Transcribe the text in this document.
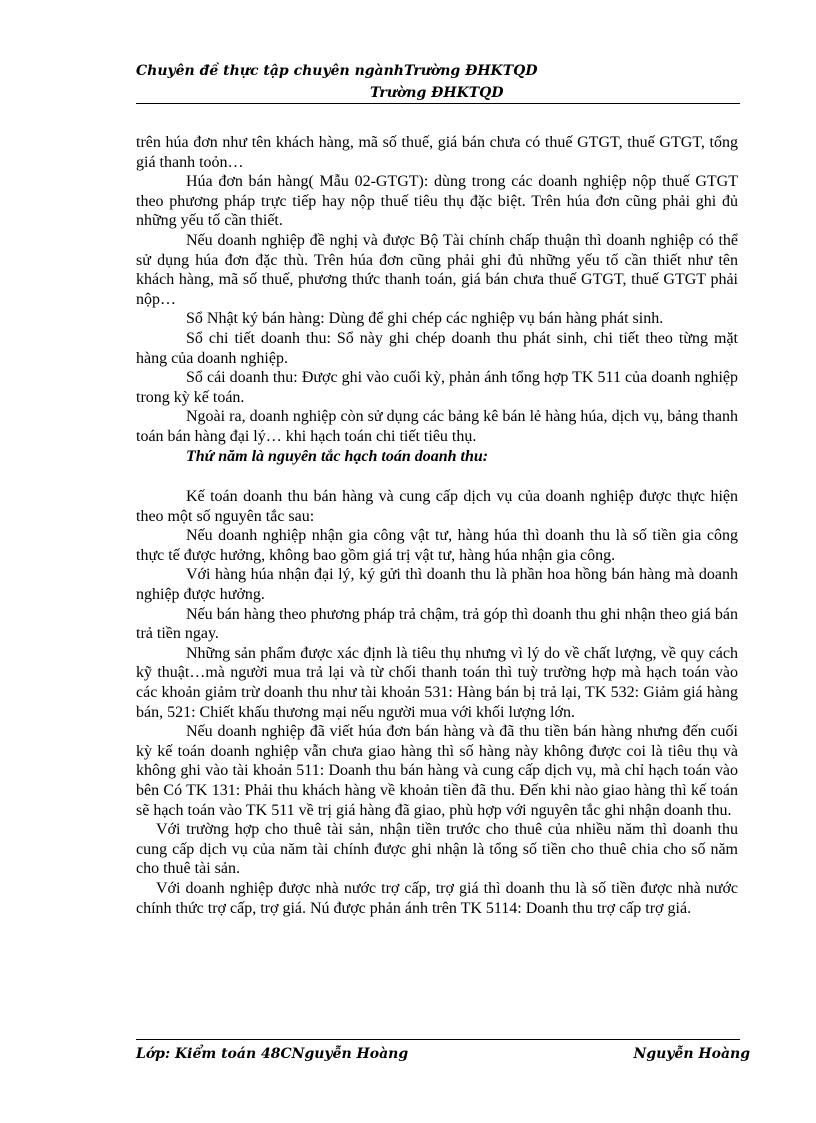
Chuyên đề thực tập chuyên ngànhTrường ĐHKTQD
Trường ĐHKTQD

trên húa đơn như tên khách hàng, mã số thuế, giá bán chưa có thuế GTGT, thuế GTGT, tổng giá thanh toỏn…

Húa đơn bán hàng( Mẫu 02-GTGT): dùng trong các doanh nghiệp nộp thuế GTGT theo phương pháp trực tiếp hay nộp thuế tiêu thụ đặc biệt. Trên húa đơn cũng phải ghi đủ những yếu tố cần thiết.

Nếu doanh nghiệp đề nghị và được Bộ Tài chính chấp thuận thì doanh nghiệp có thể sử dụng húa đơn đặc thù. Trên húa đơn cũng phải ghi đủ những yếu tố cần thiết như tên khách hàng, mã số thuế, phương thức thanh toán, giá bán chưa thuế GTGT, thuế GTGT phải nộp…

Sổ Nhật ký bán hàng: Dùng để ghi chép các nghiệp vụ bán hàng phát sinh.

Sổ chi tiết doanh thu: Sổ này ghi chép doanh thu phát sinh, chi tiết theo từng mặt hàng của doanh nghiệp.

Sổ cái doanh thu: Được ghi vào cuối kỳ, phản ánh tổng hợp TK 511 của doanh nghiệp trong kỳ kế toán.

Ngoài ra, doanh nghiệp còn sử dụng các bảng kê bán lẻ hàng húa, dịch vụ, bảng thanh toán bán hàng đại lý… khi hạch toán chi tiết tiêu thụ.

Thứ năm là nguyên tắc hạch toán doanh thu:

Kế toán doanh thu bán hàng và cung cấp dịch vụ của doanh nghiệp được thực hiện theo một số nguyên tắc sau:

Nếu doanh nghiệp nhận gia công vật tư, hàng húa thì doanh thu là số tiền gia công thực tế được hưởng, không bao gồm giá trị vật tư, hàng húa nhận gia công.

Với hàng húa nhận đại lý, ký gửi thì doanh thu là phần hoa hồng bán hàng mà doanh nghiệp được hưởng.

Nếu bán hàng theo phương pháp trả chậm, trả góp thì doanh thu ghi nhận theo giá bán trả tiền ngay.

Những sản phẩm được xác định là tiêu thụ nhưng vì lý do về chất lượng, về quy cách kỹ thuật…mà người mua trả lại và từ chối thanh toán thì tuỳ trường hợp mà hạch toán vào các khoản giảm trừ doanh thu như tài khoản 531: Hàng bán bị trả lại, TK 532: Giảm giá hàng bán, 521: Chiết khấu thương mại nếu người mua với khối lượng lớn.

Nếu doanh nghiệp đã viết húa đơn bán hàng và đã thu tiền bán hàng nhưng đến cuối kỳ kế toán doanh nghiệp vẫn chưa giao hàng thì số hàng này không được coi là tiêu thụ và không ghi vào tài khoản 511: Doanh thu bán hàng và cung cấp dịch vụ, mà chỉ hạch toán vào bên Có TK 131: Phải thu khách hàng về khoản tiền đã thu. Đến khi nào giao hàng thì kế toán sẽ hạch toán vào TK 511 về trị giá hàng đã giao, phù hợp với nguyên tắc ghi nhận doanh thu.

Với trường hợp cho thuê tài sản, nhận tiền trước cho thuê của nhiều năm thì doanh thu cung cấp dịch vụ của năm tài chính được ghi nhận là tổng số tiền cho thuê chia cho số năm cho thuê tài sản.

Với doanh nghiệp được nhà nước trợ cấp, trợ giá thì doanh thu là số tiền được nhà nước chính thức trợ cấp, trợ giá. Nú được phản ánh trên TK 5114: Doanh thu trợ cấp trợ giá.

Lớp: Kiểm toán 48CNguyễn Hoàng	Nguyễn Hoàng
